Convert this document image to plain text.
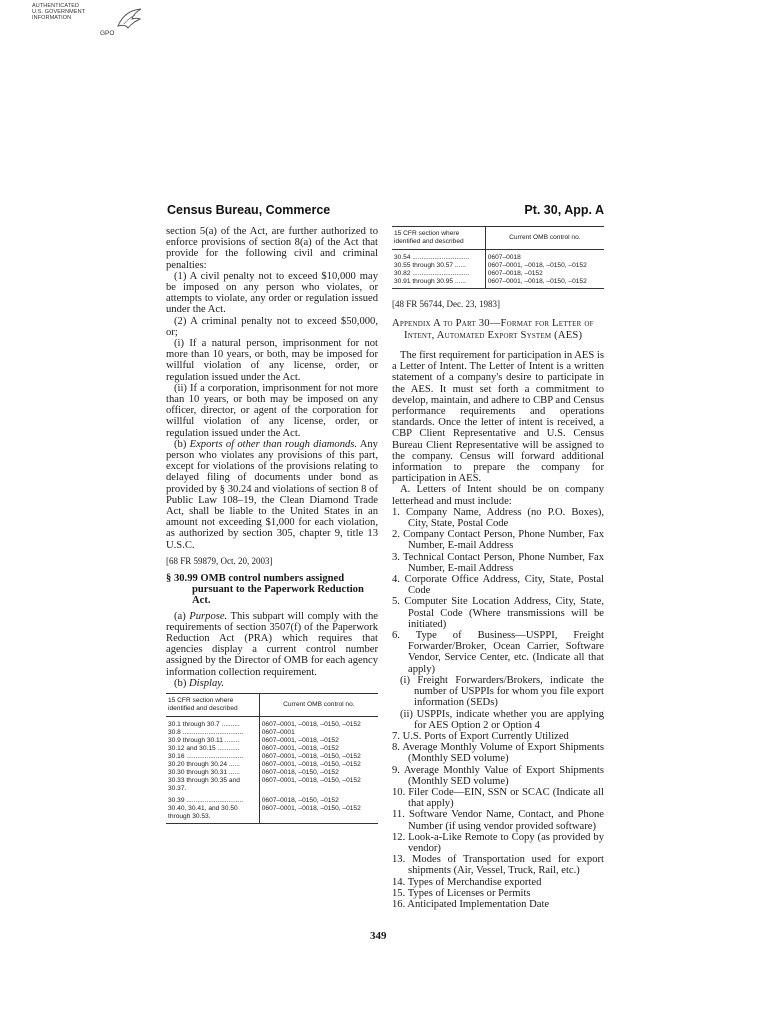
AUTHENTICATED
U.S. GOVERNMENT
INFORMATION
GPO
Census Bureau, Commerce	Pt. 30, App. A

section 5(a) of the Act, are further authorized to enforce provisions of section 8(a) of the Act that provide for the following civil and criminal penalties:

(1) A civil penalty not to exceed $10,000 may be imposed on any person who violates, or attempts to violate, any order or regulation issued under the Act.

(2) A criminal penalty not to exceed $50,000, or;

(i) If a natural person, imprisonment for not more than 10 years, or both, may be imposed for willful violation of any license, order, or regulation issued under the Act.

(ii) If a corporation, imprisonment for not more than 10 years, or both may be imposed on any officer, director, or agent of the corporation for willful violation of any license, order, or regulation issued under the Act.

(b) Exports of other than rough diamonds. Any person who violates any provisions of this part, except for violations of the provisions relating to delayed filing of documents under bond as provided by § 30.24 and violations of section 8 of Public Law 108–19, the Clean Diamond Trade Act, shall be liable to the United States in an amount not exceeding $1,000 for each violation, as authorized by section 305, chapter 9, title 13 U.S.C.

[68 FR 59879, Oct. 20, 2003]
§ 30.99 OMB control numbers assigned pursuant to the Paperwork Reduction Act.

(a) Purpose. This subpart will comply with the requirements of section 3507(f) of the Paperwork Reduction Act (PRA) which requires that agencies display a current control number assigned by the Director of OMB for each agency information collection requirement.

(b) Display.

15 CFR section where identified and described	Current OMB control no.
30.1 through 30.7 ..........	0607–0001, –0018, –0150, –0152
30.8 .................................	0607–0001
30.9 through 30.11 ........	0607–0001, –0018, –0152
30.12 and 30.15 ............	0607–0001, –0018, –0152
30.16 ...............................	0607–0001, –0018, –0150, –0152
30.20 through 30.24 ......	0607–0001, –0018, –0150, –0152
30.30 through 30.31 ......	0607–0018, –0150, –0152
30.33 through 30.35 and 30.37.	0607–0001, –0018, –0150, –0152
30.39 ...............................	0607–0018, –0150, –0152
30.40, 30.41, and 30.50 through 30.53.	0607–0001, –0018, –0150, –0152
15 CFR section where identified and described	Current OMB control no.
30.54 ...............................	0607–0018
30.55 through 30.57 ......	0607–0001, –0018, –0150, –0152
30.82 ...............................	0607–0018, –0152
30.91 through 30.95 ......	0607–0001, –0018, –0150, –0152
[48 FR 56744, Dec. 23, 1983]
Appendix A to Part 30—Format for Letter of Intent, Automated Export System (AES)

The first requirement for participation in AES is a Letter of Intent. The Letter of Intent is a written statement of a company's desire to participate in the AES. It must set forth a commitment to develop, maintain, and adhere to CBP and Census performance requirements and operations standards. Once the letter of intent is received, a CBP Client Representative and U.S. Census Bureau Client Representative will be assigned to the company. Census will forward additional information to prepare the company for participation in AES.

A. Letters of Intent should be on company letterhead and must include:

1. Company Name, Address (no P.O. Boxes), City, State, Postal Code
2. Company Contact Person, Phone Number, Fax Number, E-mail Address
3. Technical Contact Person, Phone Number, Fax Number, E-mail Address
4. Corporate Office Address, City, State, Postal Code
5. Computer Site Location Address, City, State, Postal Code (Where transmissions will be initiated)
6. Type of Business—USPPI, Freight Forwarder/Broker, Ocean Carrier, Software Vendor, Service Center, etc. (Indicate all that apply)
(i) Freight Forwarders/Brokers, indicate the number of USPPIs for whom you file export information (SEDs)
(ii) USPPIs, indicate whether you are applying for AES Option 2 or Option 4
7. U.S. Ports of Export Currently Utilized
8. Average Monthly Volume of Export Shipments (Monthly SED volume)
9. Average Monthly Value of Export Shipments (Monthly SED volume)
10. Filer Code—EIN, SSN or SCAC (Indicate all that apply)
11. Software Vendor Name, Contact, and Phone Number (if using vendor provided software)
12. Look-a-Like Remote to Copy (as provided by vendor)
13. Modes of Transportation used for export shipments (Air, Vessel, Truck, Rail, etc.)
14. Types of Merchandise exported
15. Types of Licenses or Permits
16. Anticipated Implementation Date
349
